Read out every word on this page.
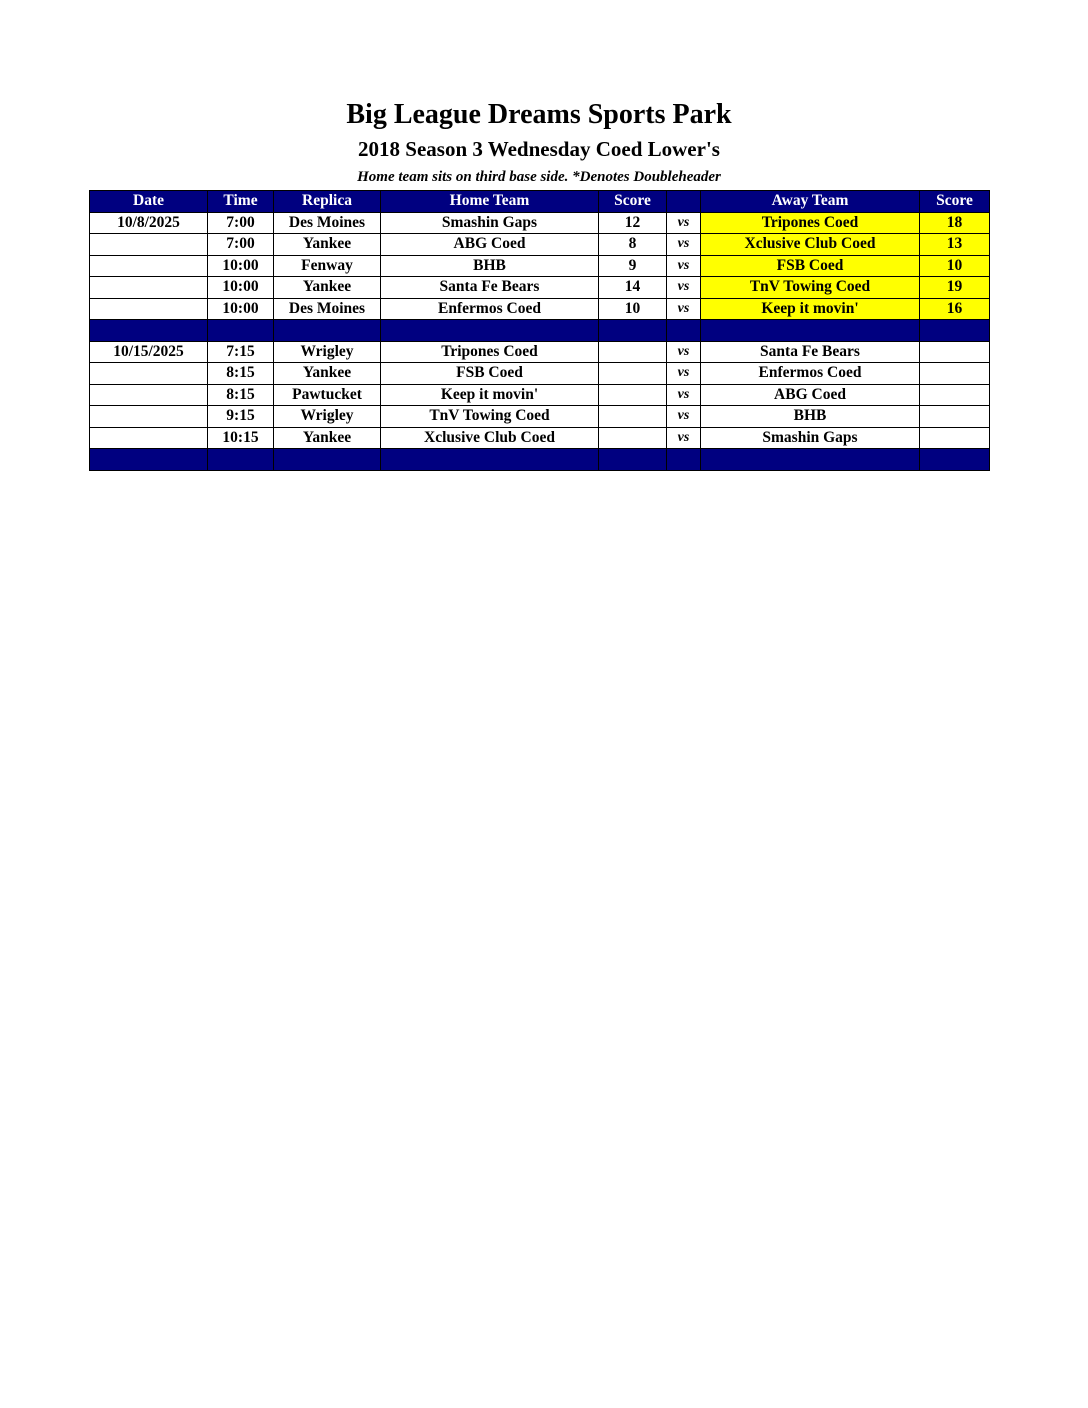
Big League Dreams Sports Park
2018 Season 3 Wednesday Coed Lower's
Home team sits on third base side. *Denotes Doubleheader
Date	Time	Replica	Home Team	Score		Away Team	Score
10/8/2025	7:00	Des Moines	Smashin Gaps	12	vs	Tripones Coed	18
	7:00	Yankee	ABG Coed	8	vs	Xclusive Club Coed	13
	10:00	Fenway	BHB	9	vs	FSB Coed	10
	10:00	Yankee	Santa Fe Bears	14	vs	TnV Towing Coed	19
	10:00	Des Moines	Enfermos Coed	10	vs	Keep it movin'	16

10/15/2025	7:15	Wrigley	Tripones Coed		vs	Santa Fe Bears	
	8:15	Yankee	FSB Coed		vs	Enfermos Coed	
	8:15	Pawtucket	Keep it movin'		vs	ABG Coed	
	9:15	Wrigley	TnV Towing Coed		vs	BHB	
	10:15	Yankee	Xclusive Club Coed		vs	Smashin Gaps	
